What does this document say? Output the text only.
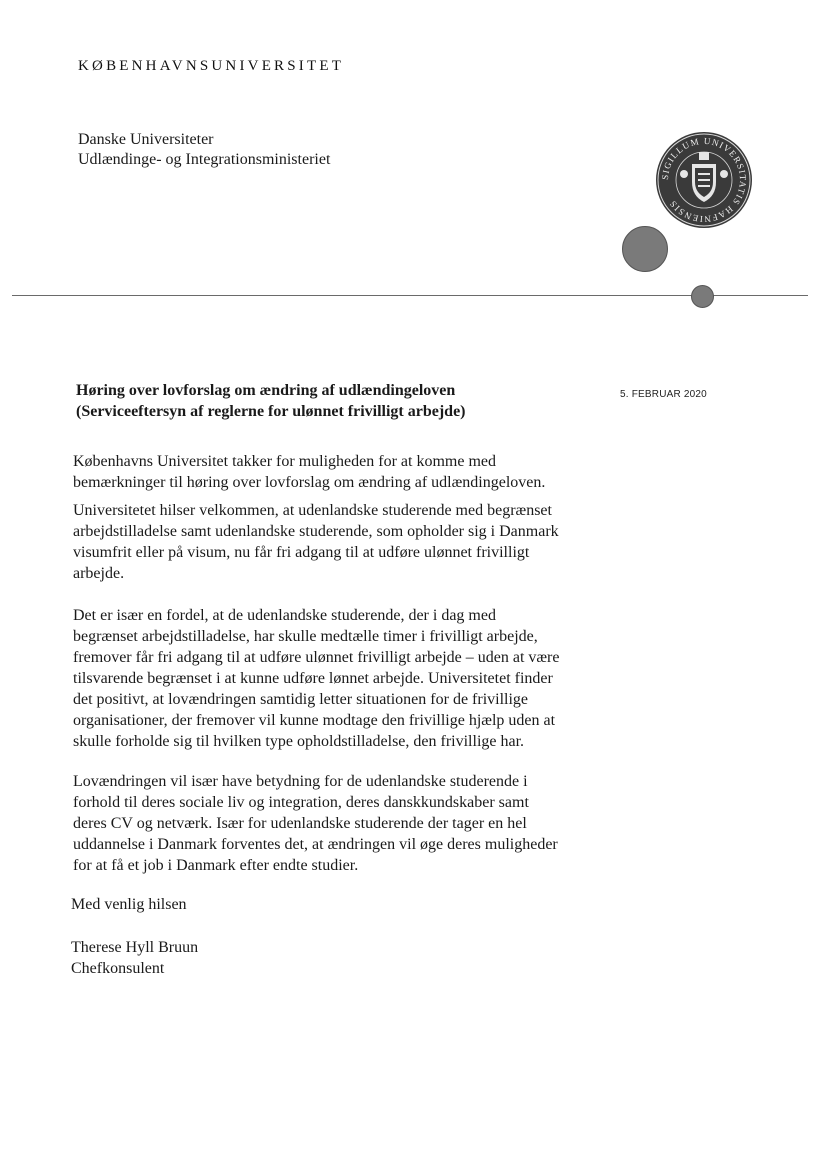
KØBENHAVNSUNIVERSITET
Danske Universiteter
Udlændinge- og Integrationsministeriet
SIGILLUM UNIVERSITATIS HAFNIENSIS
5. FEBRUAR 2020
Høring over lovforslag om ændring af udlændingeloven
(Serviceeftersyn af reglerne for ulønnet frivilligt arbejde)
Københavns Universitet takker for muligheden for at komme med
bemærkninger til høring over lovforslag om ændring af udlændingeloven.
Universitetet hilser velkommen, at udenlandske studerende med begrænset
arbejdstilladelse samt udenlandske studerende, som opholder sig i Danmark
visumfrit eller på visum, nu får fri adgang til at udføre ulønnet frivilligt
arbejde.
Det er især en fordel, at de udenlandske studerende, der i dag med
begrænset arbejdstilladelse, har skulle medtælle timer i frivilligt arbejde,
fremover får fri adgang til at udføre ulønnet frivilligt arbejde – uden at være
tilsvarende begrænset i at kunne udføre lønnet arbejde. Universitetet finder
det positivt, at lovændringen samtidig letter situationen for de frivillige
organisationer, der fremover vil kunne modtage den frivillige hjælp uden at
skulle forholde sig til hvilken type opholdstilladelse, den frivillige har.
Lovændringen vil især have betydning for de udenlandske studerende i
forhold til deres sociale liv og integration, deres danskkundskaber samt
deres CV og netværk. Især for udenlandske studerende der tager en hel
uddannelse i Danmark forventes det, at ændringen vil øge deres muligheder
for at få et job i Danmark efter endte studier.
Med venlig hilsen
Therese Hyll Bruun
Chefkonsulent
